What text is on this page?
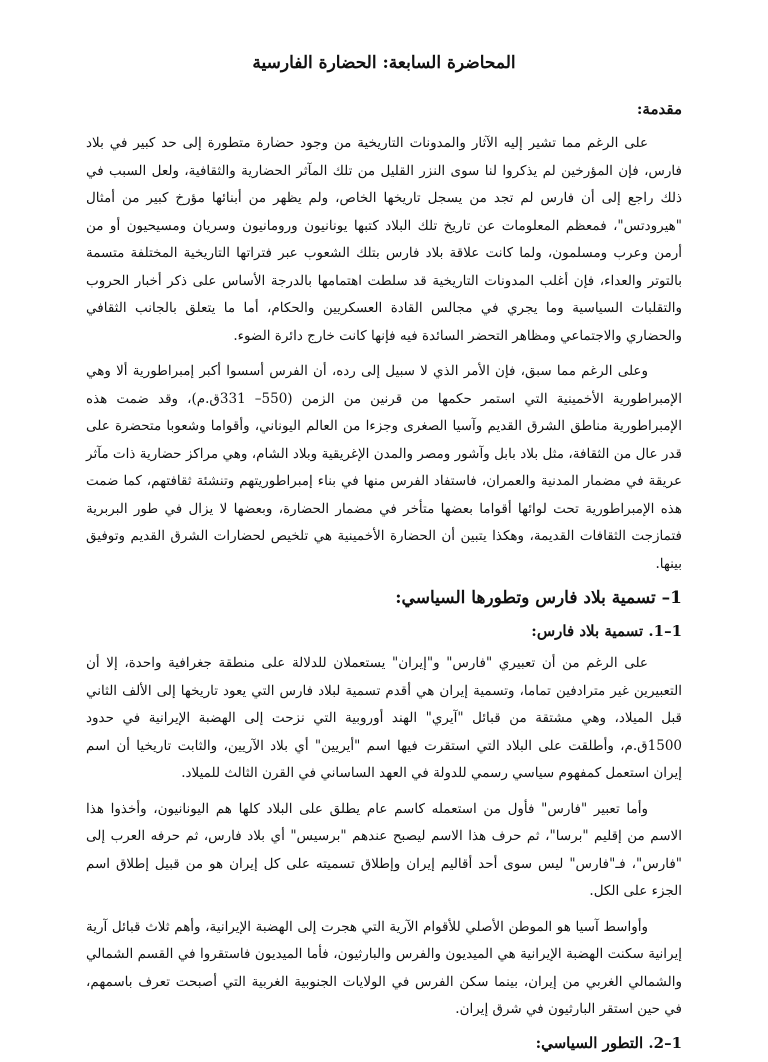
المحاضرة السابعة: الحضارة الفارسية
مقدمة:

على الرغم مما تشير إليه الآثار والمدونات التاريخية من وجود حضارة متطورة إلى حد كبير في بلاد فارس، فإن المؤرخين لم يذكروا لنا سوى النزر القليل من تلك المآثر الحضارية والثقافية، ولعل السبب في ذلك راجع إلى أن فارس لم تجد من يسجل تاريخها الخاص، ولم يظهر من أبنائها مؤرخ كبير من أمثال "هيرودتس"، فمعظم المعلومات عن تاريخ تلك البلاد كتبها يونانيون ورومانيون وسريان ومسيحيون أو من أرمن وعرب ومسلمون، ولما كانت علاقة بلاد فارس بتلك الشعوب عبر فتراتها التاريخية المختلفة متسمة بالتوتر والعداء، فإن أغلب المدونات التاريخية قد سلطت اهتمامها بالدرجة الأساس على ذكر أخبار الحروب والتقلبات السياسية وما يجري في مجالس القادة العسكريين والحكام، أما ما يتعلق بالجانب الثقافي والحضاري والاجتماعي ومظاهر التحضر السائدة فيه فإنها كانت خارج دائرة الضوء.

وعلى الرغم مما سبق، فإن الأمر الذي لا سبيل إلى رده، أن الفرس أسسوا أكبر إمبراطورية ألا وهي الإمبراطورية الأخمينية التي استمر حكمها من قرنين من الزمن (550– 331ق.م)، وقد ضمت هذه الإمبراطورية مناطق الشرق القديم وآسيا الصغرى وجزءا من العالم اليوناني، وأقواما وشعوبا متحضرة على قدر عال من الثقافة، مثل بلاد بابل وآشور ومصر والمدن الإغريقية وبلاد الشام، وهي مراكز حضارية ذات مآثر عريقة في مضمار المدنية والعمران، فاستفاد الفرس منها في بناء إمبراطوريتهم وتنشئة ثقافتهم، كما ضمت هذه الإمبراطورية تحت لوائها أقواما بعضها متأخر في مضمار الحضارة، وبعضها لا يزال في طور البربرية فتمازجت الثقافات القديمة، وهكذا يتبين أن الحضارة الأخمينية هي تلخيص لحضارات الشرق القديم وتوفيق بينها.

1– تسمية بلاد فارس وتطورها السياسي:
1–1. تسمية بلاد فارس:

على الرغم من أن تعبيري "فارس" و"إيران" يستعملان للدلالة على منطقة جغرافية واحدة، إلا أن التعبيرين غير مترادفين تماما، وتسمية إيران هي أقدم تسمية لبلاد فارس التي يعود تاريخها إلى الألف الثاني قبل الميلاد، وهي مشتقة من قبائل "آيري" الهند أوروبية التي نزحت إلى الهضبة الإيرانية في حدود 1500ق.م، وأطلقت على البلاد التي استقرت فيها اسم "أيريين" أي بلاد الآريين، والثابت تاريخيا أن اسم إيران استعمل كمفهوم سياسي رسمي للدولة في العهد الساساني في القرن الثالث للميلاد.

وأما تعبير "فارس" فأول من استعمله كاسم عام يطلق على البلاد كلها هم اليونانيون، وأخذوا هذا الاسم من إقليم "برسا"، ثم حرف هذا الاسم ليصبح عندهم "برسيس" أي بلاد فارس، ثم حرفه العرب إلى "فارس"، فـ"فارس" ليس سوى أحد أقاليم إيران وإطلاق تسميته على كل إيران هو من قبيل إطلاق اسم الجزء على الكل.

وأواسط آسيا هو الموطن الأصلي للأقوام الآرية التي هجرت إلى الهضبة الإيرانية، وأهم ثلاث قبائل آرية إيرانية سكنت الهضبة الإيرانية هي الميديون والفرس والبارثيون، فأما الميديون فاستقروا في القسم الشمالي والشمالي الغربي من إيران، بينما سكن الفرس في الولايات الجنوبية الغربية التي أصبحت تعرف باسمهم، في حين استقر البارثيون في شرق إيران.

1–2. التطور السياسي:
